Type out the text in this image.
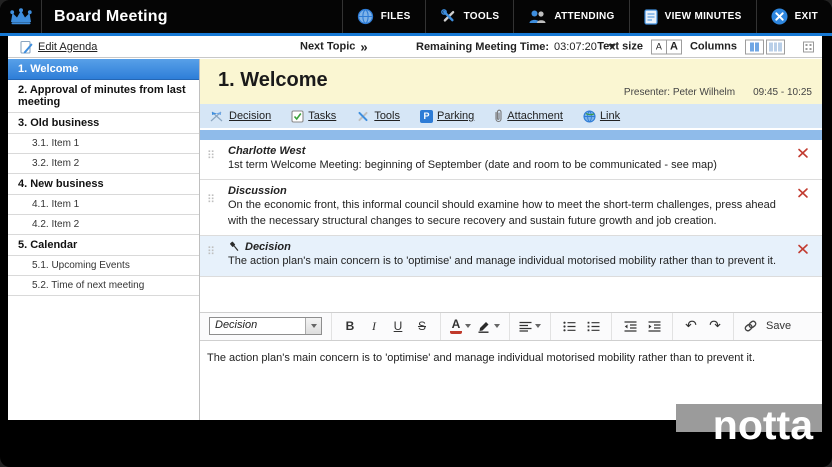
Board Meeting	FILES	TOOLS	ATTENDING	VIEW MINUTES	EXIT
Edit Agenda	Next Topic »	Remaining Meeting Time: 03:07:20 Text size	A A	Columns
1. Welcome
2. Approval of minutes from last meeting
3. Old business
3.1. Item 1
3.2. Item 2
4. New business
4.1. Item 1
4.2. Item 2
5. Calendar
5.1. Upcoming Events
5.2. Time of next meeting
1. Welcome
Presenter: Peter Wilhelm 09:45 - 10:25
Decision	Tasks	Tools	P Parking	Attachment	Link
⠿ Charlotte West
1st term Welcome Meeting: beginning of September (date and room to be communicated - see map)
⠿
Discussion
On the economic front, this informal council should examine how to meet the short-term challenges, press ahead with the necessary structural changes to secure recovery and sustain future growth and job creation.
⠿	Decision
The action plan's main concern is to 'optimise' and manage individual motorised mobility rather than to prevent it.
Decision	B	I	U	S	A	↶ ↷	Save
The action plan's main concern is to 'optimise' and manage individual motorised mobility rather than to prevent it.
notta
